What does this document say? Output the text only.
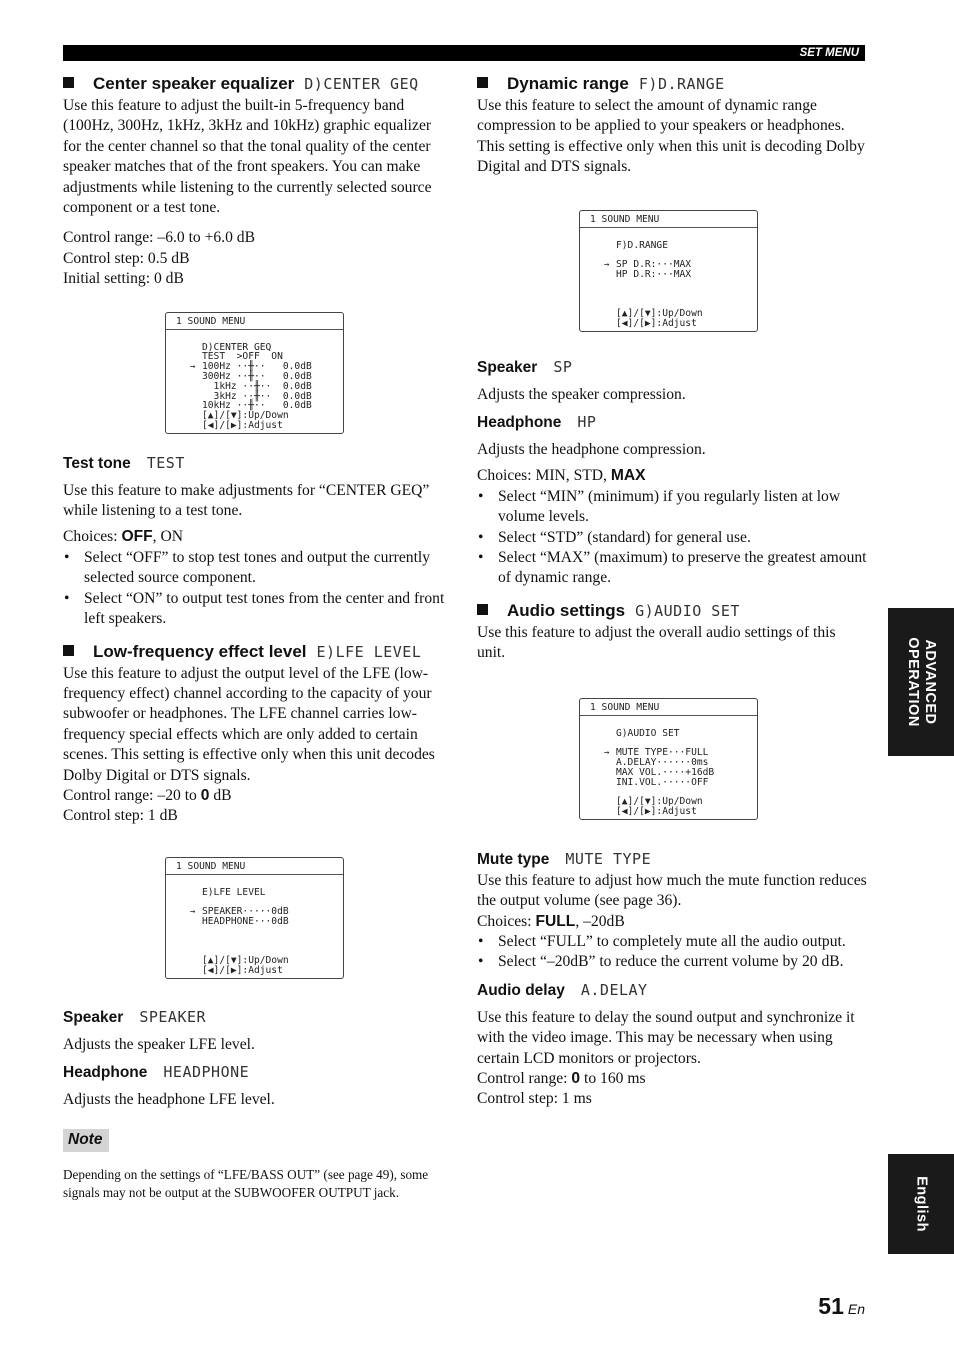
SET MENU
Center speaker equalizer D)CENTER GEQ

Use this feature to adjust the built-in 5-frequency band (100Hz, 300Hz, 1kHz, 3kHz and 10kHz) graphic equalizer for the center channel so that the tonal quality of the center speaker matches that of the front speakers. You can make adjustments while listening to the currently selected source component or a test tone.

Control range: –6.0 to +6.0 dB

Control step: 0.5 dB

Initial setting: 0 dB

1 SOUND MENU
→
D)CENTER GEQ
TEST  >OFF  ON
100Hz ··╫··   0.0dB
300Hz ··╫··   0.0dB
1kHz ··╫··  0.0dB
3kHz ··╫··  0.0dB
10kHz ··╫··   0.0dB
[▲]/[▼]:Up/Down
[◀]/[▶]:Adjust
Test tone TEST

Use this feature to make adjustments for “CENTER GEQ” while listening to a test tone.

Choices: OFF, ON

• Select “OFF” to stop test tones and output the currently selected source component.
• Select “ON” to output test tones from the center and front left speakers.
Low-frequency effect level E)LFE LEVEL

Use this feature to adjust the output level of the LFE (low-frequency effect) channel according to the capacity of your subwoofer or headphones. The LFE channel carries low-frequency special effects which are only added to certain scenes. This setting is effective only when this unit decodes Dolby Digital or DTS signals.

Control range: –20 to 0 dB

Control step: 1 dB

1 SOUND MENU
→
E)LFE LEVEL
SPEAKER·····0dB
HEADPHONE···0dB
[▲]/[▼]:Up/Down
[◀]/[▶]:Adjust
Speaker SPEAKER

Adjusts the speaker LFE level.

Headphone HEADPHONE

Adjusts the headphone LFE level.

Note

Depending on the settings of “LFE/BASS OUT” (see page 49), some signals may not be output at the SUBWOOFER OUTPUT jack.

Dynamic range F)D.RANGE

Use this feature to select the amount of dynamic range compression to be applied to your speakers or headphones. This setting is effective only when this unit is decoding Dolby Digital and DTS signals.

1 SOUND MENU
→
F)D.RANGE
SP D.R:···MAX
HP D.R:···MAX
[▲]/[▼]:Up/Down
[◀]/[▶]:Adjust
Speaker SP

Adjusts the speaker compression.

Headphone HP

Adjusts the headphone compression.

Choices: MIN, STD, MAX

• Select “MIN” (minimum) if you regularly listen at low volume levels.
• Select “STD” (standard) for general use.
• Select “MAX” (maximum) to preserve the greatest amount of dynamic range.
Audio settings G)AUDIO SET

Use this feature to adjust the overall audio settings of this unit.

1 SOUND MENU
→
G)AUDIO SET
MUTE TYPE···FULL
A.DELAY······0ms
MAX VOL.····+16dB
INI.VOL.·····OFF
[▲]/[▼]:Up/Down
[◀]/[▶]:Adjust
Mute type MUTE TYPE

Use this feature to adjust how much the mute function reduces the output volume (see page 36).

Choices: FULL, –20dB

• Select “FULL” to completely mute all the audio output.
• Select “–20dB” to reduce the current volume by 20 dB.
Audio delay A.DELAY

Use this feature to delay the sound output and synchronize it with the video image. This may be necessary when using certain LCD monitors or projectors.

Control range: 0 to 160 ms

Control step: 1 ms

ADVANCED
OPERATION
English
51 En
